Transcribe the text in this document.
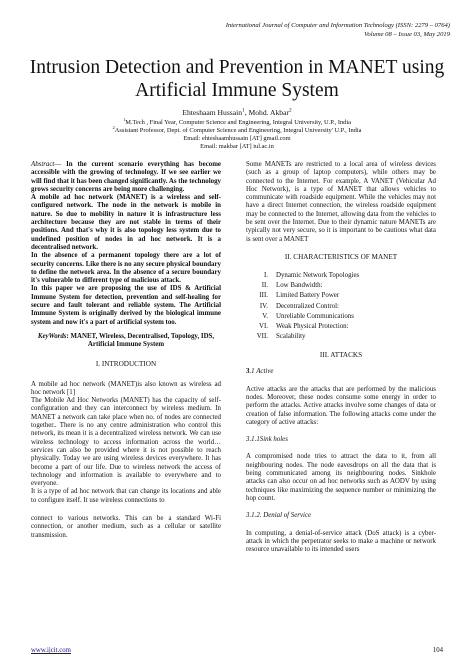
International Journal of Computer and Information Technology (ISSN: 2279 – 0764)
Volume 08 – Issue 03, May 2019
Intrusion Detection and Prevention in MANET using
Artificial Immune System
Ehteshaam Hussain$^1$, Mohd. Akbar$^2$
$^1$M.Tech , Final Year, Computer Science and Engineering, Integral University, U.P., India
$^2$Assistant Professor, Dept. of Computer Science and Engineering, Integral University' U.P., India
Email: ehteshaamhussain [AT] gmail.com
Email: makbar [AT] iul.ac.in

Abstract— In the current scenario everything has become accessible with the growing of technology. If we see earlier we will find that it has been changed significantly. As the technology grows security concerns are being more challenging.

A mobile ad hoc network (MANET) is a wireless and self-configured network. The node in the network is mobile in nature. So due to mobility in nature it is infrastructure less architecture because they are not stable in terms of their positions. And that's why it is also topology less system due to undefined position of nodes in ad hoc network. It is a decentralised network.

In the absence of a permanent topology there are a lot of security concerns. Like there is no any secure physical boundary to define the network area. In the absence of a secure boundary it's vulnerable to different type of malicious attack.

In this paper we are proposing the use of IDS & Artificial Immune System for detection, prevention and self-healing for secure and fault tolerant and reliable system. The Artificial Immune System is originally derived by the biological immune system and now it's a part of artificial system too.

KeyWords: MANET, Wireless, Decentralised, Topology, IDS, Artificial Immune System

I. INTRODUCTION

A mobile ad hoc network (MANET)is also known as wireless ad hoc network [1]

The Mobile Ad Hoc Networks (MANET) has the capacity of self-configuration and they can interconnect by wireless medium. In MANET a network can take place when no. of nodes are connected together.. There is no any centre administration who control this network, its mean it is a decentralized wireless network. We can use wireless technology to access information across the world…services can also be provided where it is not possible to reach physically. Today we are using wireless devices everywhere. It has become a part of our life. Due to wireless network the access of technology and information is available to everywhere and to everyone.

It is a type of ad hoc network that can change its locations and able to configure itself. It use wireless connections to

connect to various networks. This can be a standard Wi-Fi connection, or another medium, such as a cellular or satellite transmission.

Some MANETs are restricted to a local area of wireless devices (such as a group of laptop computers), while others may be connected to the Internet. For example, A VANET (Vehicular Ad Hoc Network), is a type of MANET that allows vehicles to communicate with roadside equipment. While the vehicles may not have a direct Internet connection, the wireless roadside equipment may be connected to the Internet, allowing data from the vehicles to be sent over the Internet. Due to their dynamic nature MANETs are typically not very secure, so it is important to be cautious what data is sent over a MANET

II. CHARACTERISTICS OF MANET
I.	Dynamic Network Topologies
II.	Low Bandwidth:
III.	Limited Battery Power
IV.	Decentralized Control:
V.	Unreliable Communications
VI.	Weak Physical Protection:
VII.	Scalability
III. ATTACKS

3.1 Active

Active attacks are the attacks that are performed by the malicious nodes. Moreover, these nodes consume some energy in order to perform the attacks. Active attacks involve some changes of data or creation of false information. The following attacks come under the category of active attacks:

3.1.1Sink holes

A compromised node tries to attract the data to it, from all neighbouring nodes. The node eavesdrops on all the data that is being communicated among its neighbouring nodes. Sinkhole attacks can also occur on ad hoc networks such as AODV by using techniques like maximizing the sequence number or minimizing the hop count.

3.1.2. Denial of Service

In computing, a denial-of-service attack (DoS attack) is a cyber-attack in which the perpetrator seeks to make a machine or network resource unavailable to its intended users

www.ijcit.com	104
